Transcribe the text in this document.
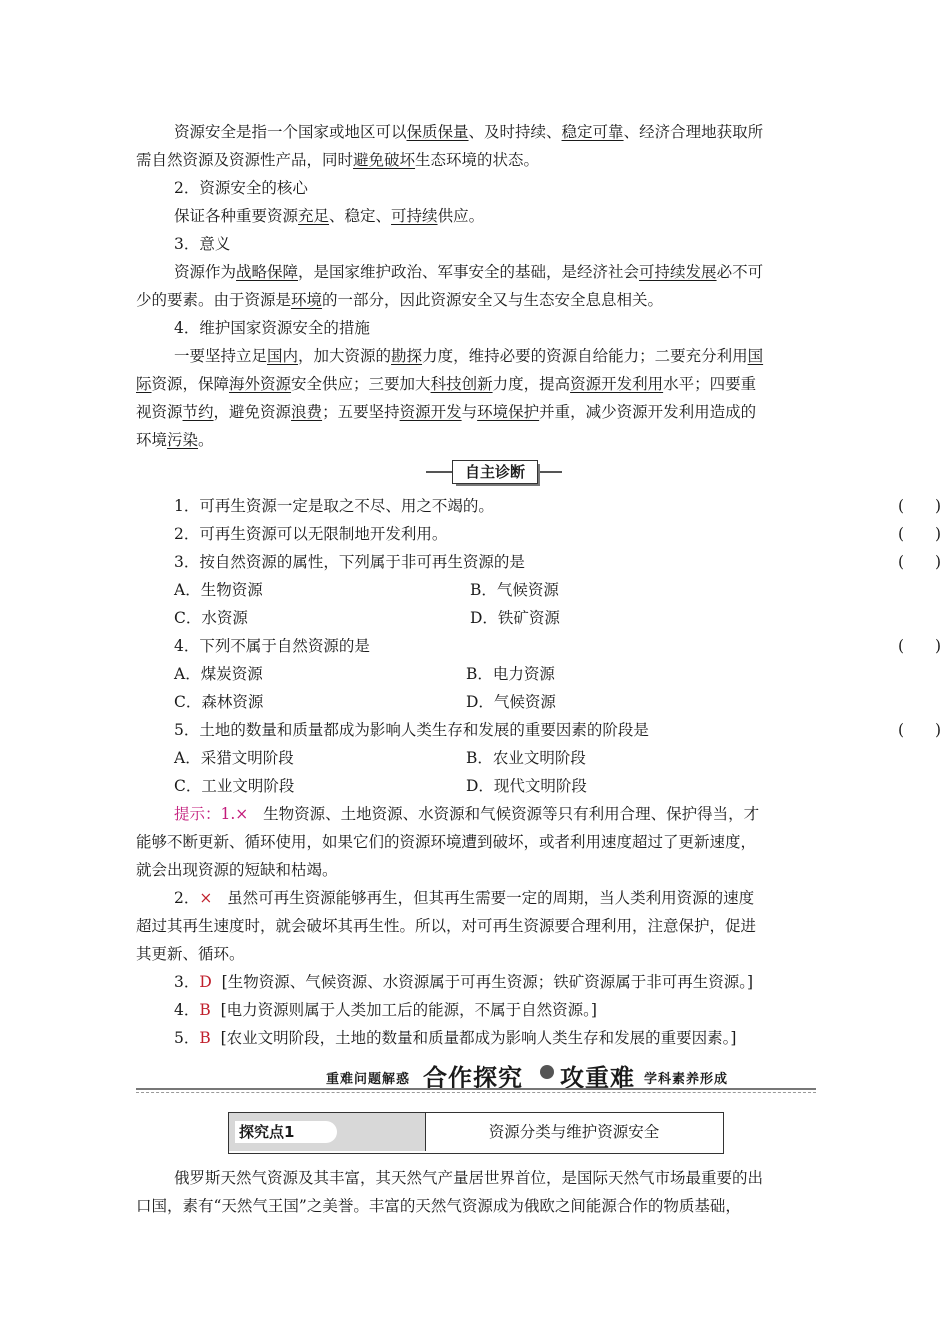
资源安全是指一个国家或地区可以保质保量、及时持续、稳定可靠、经济合理地获取所
需自然资源及资源性产品，同时避免破坏生态环境的状态。
2．资源安全的核心
保证各种重要资源充足、稳定、可持续供应。
3．意义
资源作为战略保障，是国家维护政治、军事安全的基础，是经济社会可持续发展必不可
少的要素。由于资源是环境的一部分，因此资源安全又与生态安全息息相关。
4．维护国家资源安全的措施
一要坚持立足国内，加大资源的勘探力度，维持必要的资源自给能力；二要充分利用国
际资源，保障海外资源安全供应；三要加大科技创新力度，提高资源开发利用水平；四要重
视资源节约，避免资源浪费；五要坚持资源开发与环境保护并重，减少资源开发利用造成的
环境污染。
自主诊断
1．可再生资源一定是取之不尽、用之不竭的。	(　　)
2．可再生资源可以无限制地开发利用。	(　　)
3．按自然资源的属性，下列属于非可再生资源的是	(　　)
A．生物资源	B．气候资源
C．水资源	D．铁矿资源
4．下列不属于自然资源的是	(　　)
A．煤炭资源	B．电力资源
C．森林资源	D．气候资源
5．土地的数量和质量都成为影响人类生存和发展的重要因素的阶段是	(　　)
A．采猎文明阶段	B．农业文明阶段
C．工业文明阶段	D．现代文明阶段
提示：1.× 生物资源、土地资源、水资源和气候资源等只有利用合理、保护得当，才
能够不断更新、循环使用，如果它们的资源环境遭到破坏，或者利用速度超过了更新速度，
就会出现资源的短缺和枯竭。
2．× 虽然可再生资源能够再生，但其再生需要一定的周期，当人类利用资源的速度
超过其再生速度时，就会破坏其再生性。所以，对可再生资源要合理利用，注意保护，促进
其更新、循环。
3．D [生物资源、气候资源、水资源属于可再生资源；铁矿资源属于非可再生资源。]
4．B [电力资源则属于人类加工后的能源，不属于自然资源。]
5．B [农业文明阶段，土地的数量和质量都成为影响人类生存和发展的重要因素。]
重难问题解惑 合作探究 攻重难 学科素养形成
探究点1	资源分类与维护资源安全
俄罗斯天然气资源及其丰富，其天然气产量居世界首位，是国际天然气市场最重要的出
口国，素有“天然气王国”之美誉。丰富的天然气资源成为俄欧之间能源合作的物质基础，
